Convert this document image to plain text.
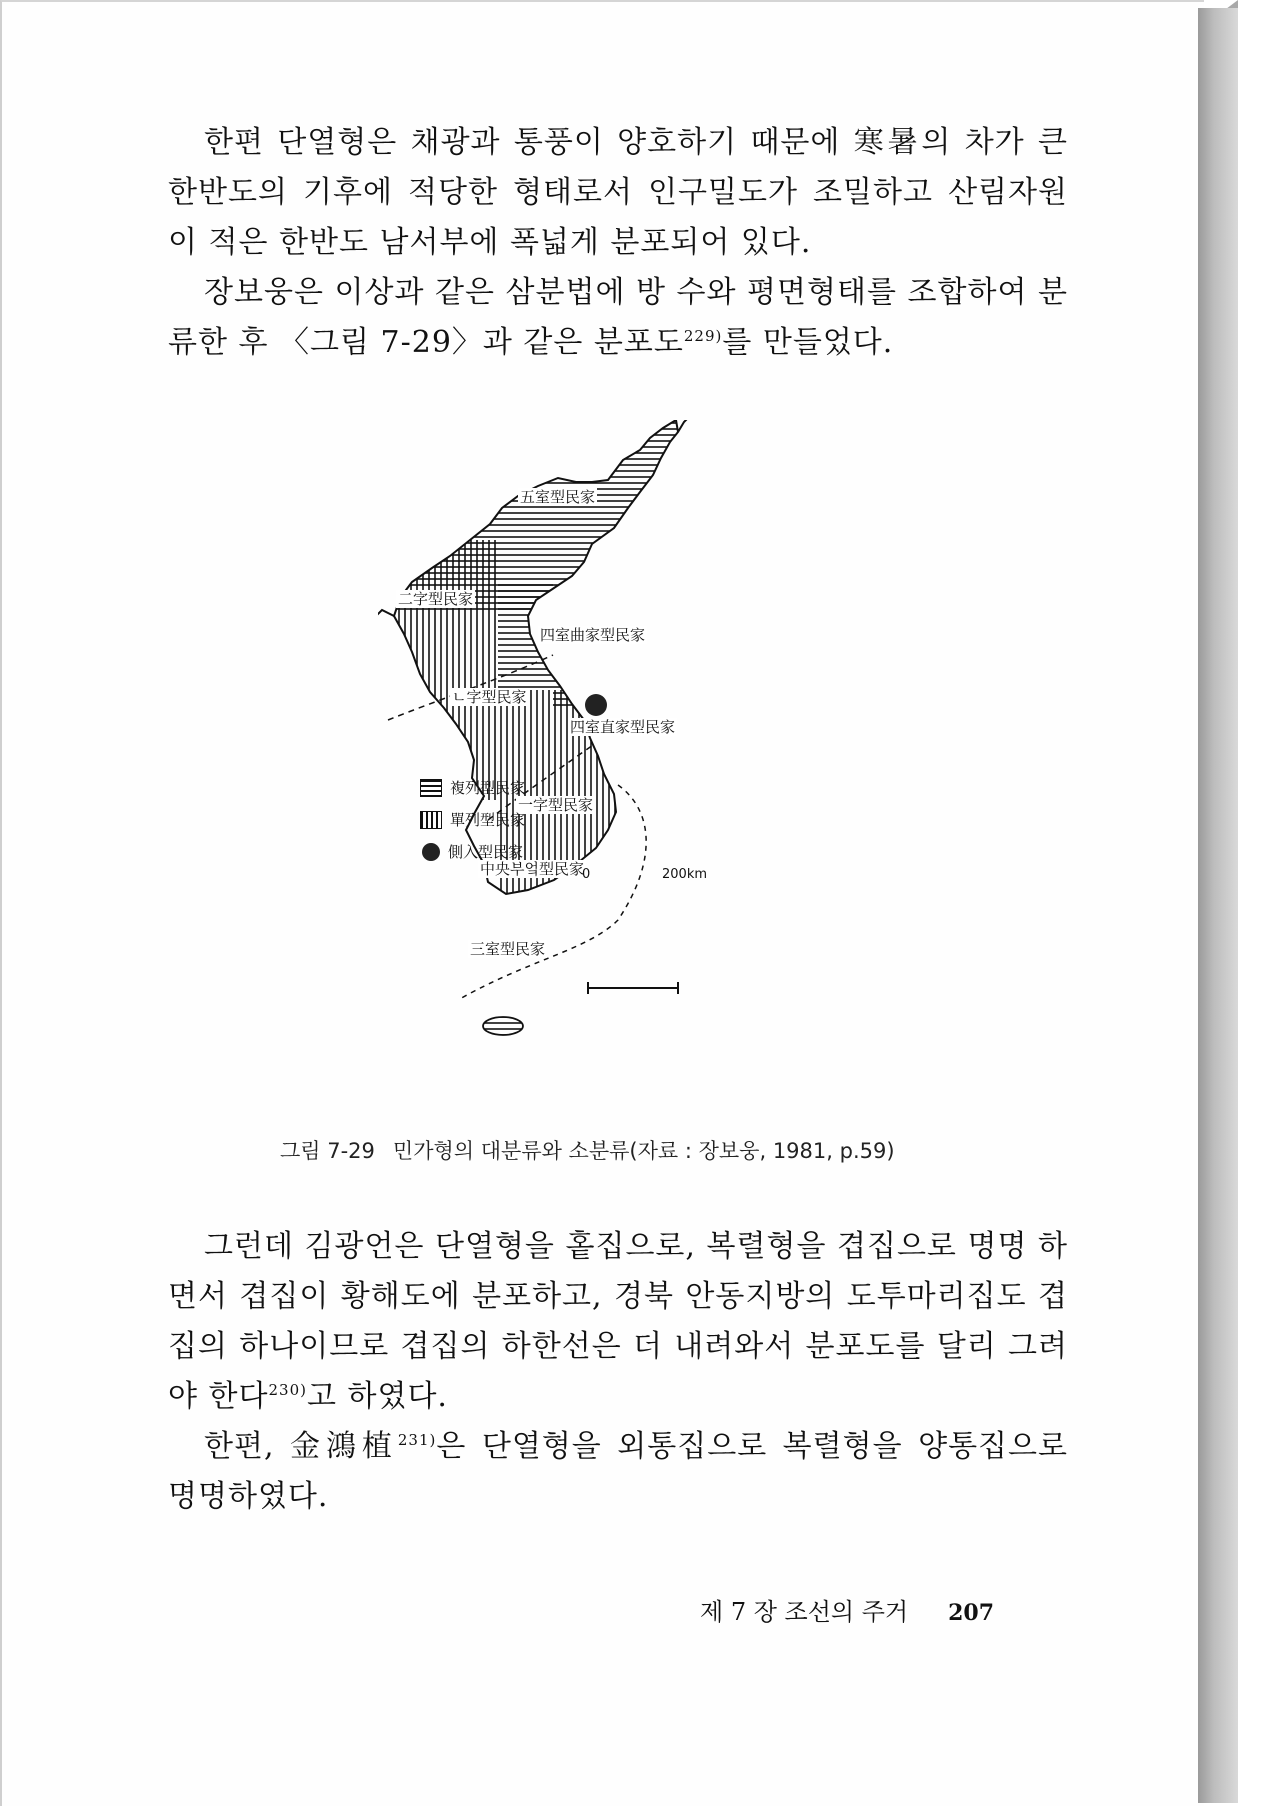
한편 단열형은 채광과 통풍이 양호하기 때문에 寒暑의 차가 큰 한반도의 기후에 적당한 형태로서 인구밀도가 조밀하고 산림자원이 적은 한반도 남서부에 폭넓게 분포되어 있다.

장보웅은 이상과 같은 삼분법에 방 수와 평면형태를 조합하여 분류한 후 〈그림 7-29〉과 같은 분포도$^{229)}$를 만들었다.

五室型民家
二字型民家
四室曲家型民家
ㄴ字型民家
四室直家型民家
一字型民家
中央부엌型民家
三室型民家
0	200km
複列型民家
單列型民家
側入型民家
그림 7-29 민가형의 대분류와 소분류(자료 : 장보웅, 1981, p.59)

그런데 김광언은 단열형을 홑집으로, 복렬형을 겹집으로 명명 하면서 겹집이 황해도에 분포하고, 경북 안동지방의 도투마리집도 겹집의 하나이므로 겹집의 하한선은 더 내려와서 분포도를 달리 그려야 한다$^{230)}$고 하였다.

한편, 金鴻植$^{231)}$은 단열형을 외통집으로 복렬형을 양통집으로 명명하였다.

제 7 장 조선의 주거 207
